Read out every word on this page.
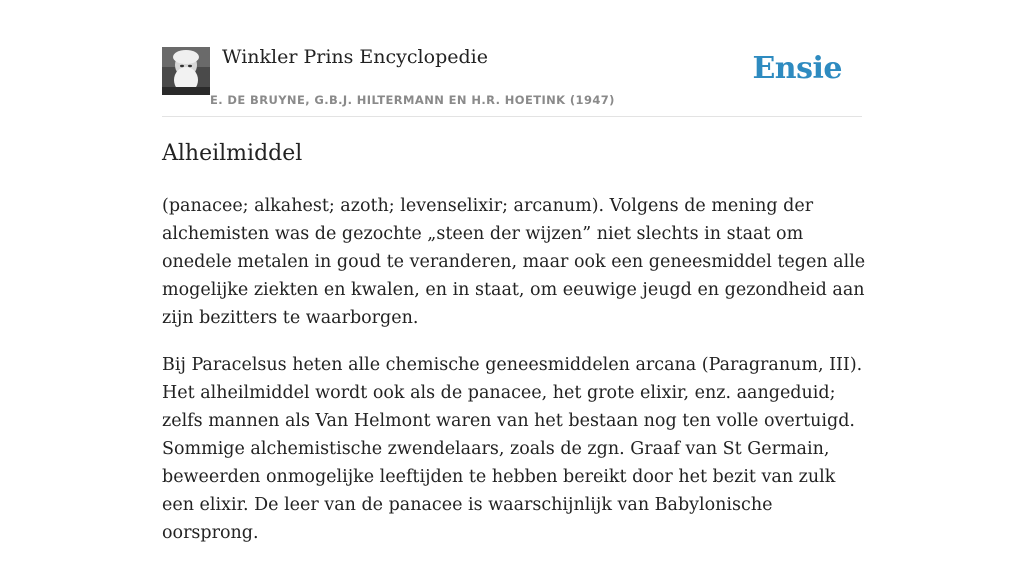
Winkler Prins Encyclopedie
E. DE BRUYNE, G.B.J. HILTERMANN EN H.R. HOETINK (1947)
Ensie
Alheilmiddel

(panacee; alkahest; azoth; levenselixir; arcanum). Volgens de mening der alchemisten was de gezochte „steen der wijzen” niet slechts in staat om onedele metalen in goud te veranderen, maar ook een geneesmiddel tegen alle mogelijke ziekten en kwalen, en in staat, om eeuwige jeugd en gezondheid aan zijn bezitters te waarborgen.

Bij Paracelsus heten alle chemische geneesmiddelen arcana (Paragranum, III). Het alheilmiddel wordt ook als de panacee, het grote elixir, enz. aangeduid; zelfs mannen als Van Helmont waren van het bestaan nog ten volle overtuigd. Sommige alchemistische zwendelaars, zoals de zgn. Graaf van St Germain, beweerden onmogelijke leeftijden te hebben bereikt door het bezit van zulk een elixir. De leer van de panacee is waarschijnlijk van Babylonische oorsprong.
